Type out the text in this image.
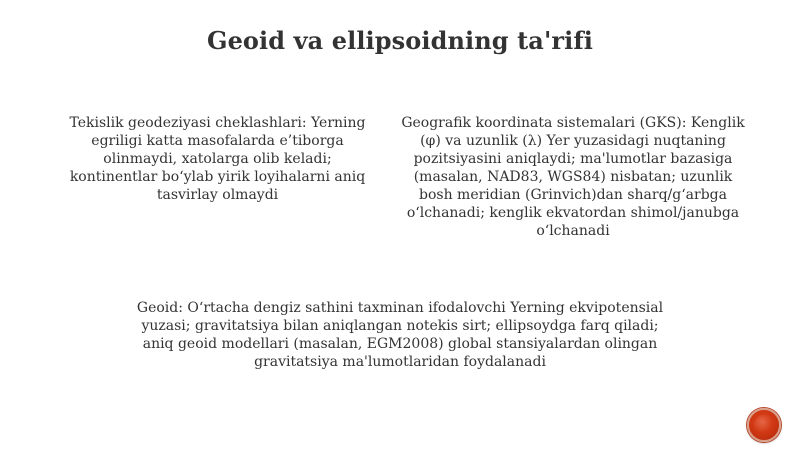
Geoid va ellipsoidning ta'rifi

Tekislik geodeziyasi cheklashlari: Yerning egriligi katta masofalarda e’tiborga olinmaydi, xatolarga olib keladi; kontinentlar bo‘ylab yirik loyihalarni aniq tasvirlay olmaydi

Geografik koordinata sistemalari (GKS): Kenglik (φ) va uzunlik (λ) Yer yuzasidagi nuqtaning pozitsiyasini aniqlaydi; ma'lumotlar bazasiga (masalan, NAD83, WGS84) nisbatan; uzunlik bosh meridian (Grinvich)dan sharq/g‘arbga o‘lchanadi; kenglik ekvatordan shimol/janubga o‘lchanadi

Geoid: O‘rtacha dengiz sathini taxminan ifodalovchi Yerning ekvipotensial yuzasi; gravitatsiya bilan aniqlangan notekis sirt; ellipsoydga farq qiladi; aniq geoid modellari (masalan, EGM2008) global stansiyalardan olingan gravitatsiya ma'lumotlaridan foydalanadi
